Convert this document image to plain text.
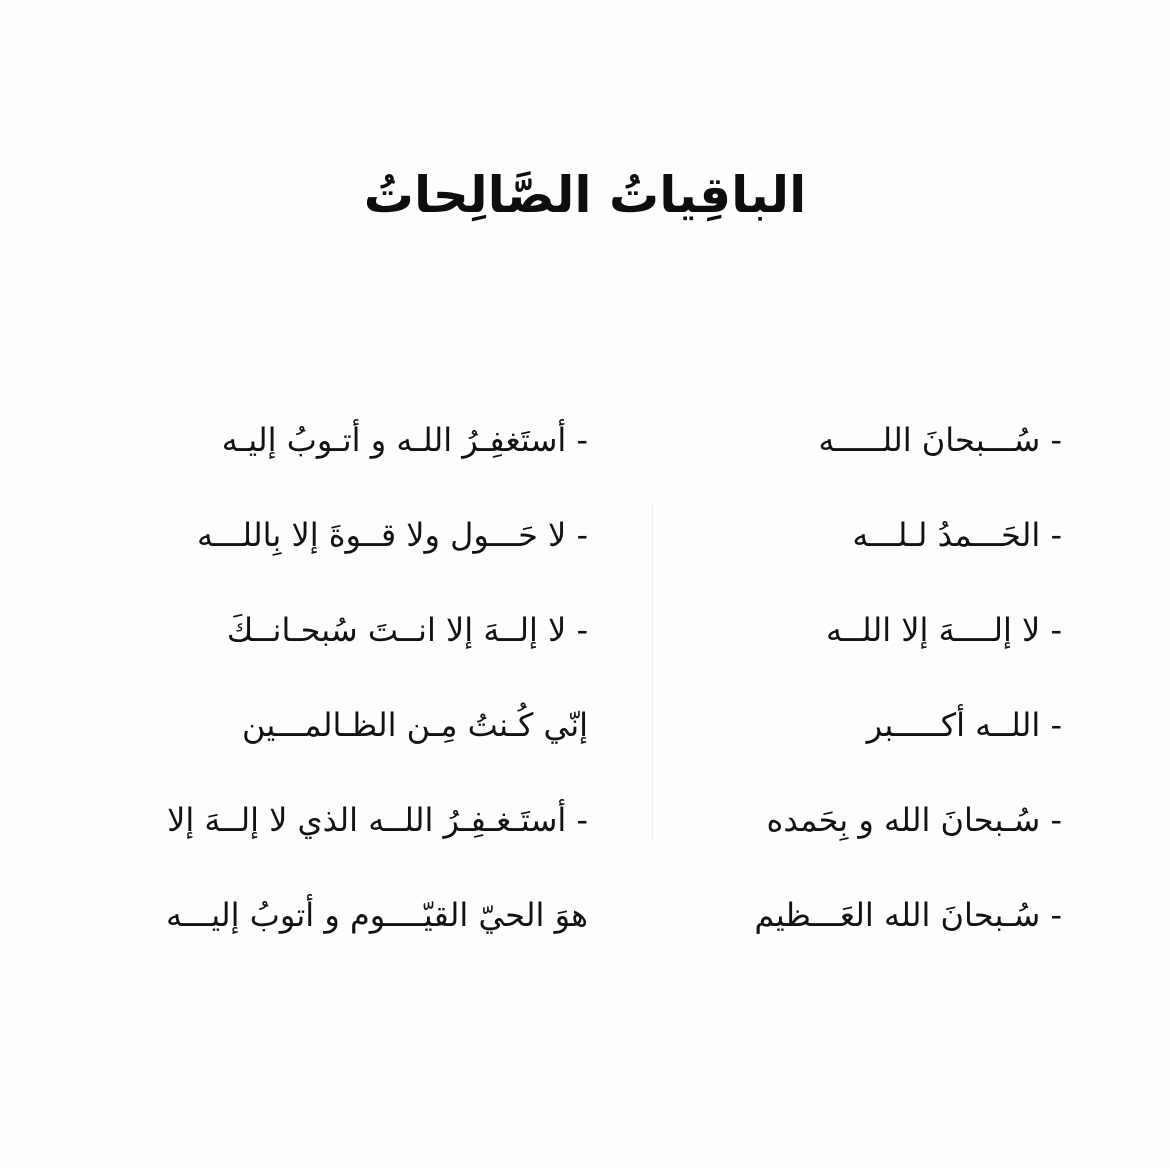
الباقِياتُ الصَّالِحاتُ
- سُـــبحانَ اللـــــه
- الحَـــمدُ لـلـــه
- لا إلــــهَ إلا اللــه
- اللــه أكـــــبر
- سُـبحانَ الله و بِحَمده
- سُـبحانَ الله العَـــظيم
- أستَغفِـرُ اللـه و أتـوبُ إليـه
- لا حَـــول ولا قــوةَ إلا بِاللـــه
- لا إلــهَ إلا انــتَ سُبحـانــكَ
إنّي كُـنتُ مِـن الظـالمـــين
- أستَـغـفِـرُ اللــه الذي لا إلــهَ إلا
هوَ الحيّ القيّــــوم و أتوبُ إليـــه
